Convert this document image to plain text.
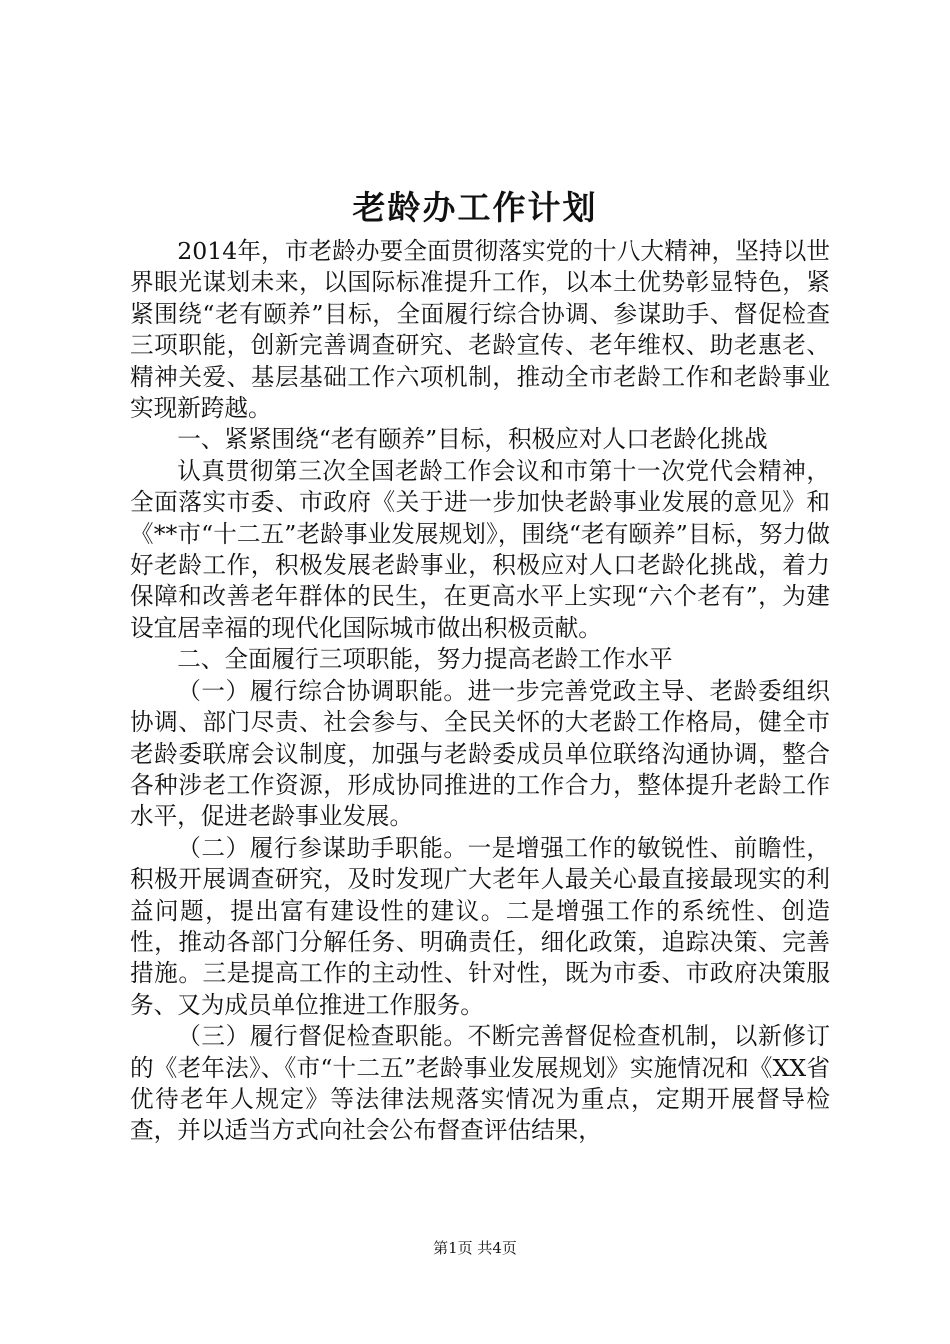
老龄办工作计划

2014年，市老龄办要全面贯彻落实党的十八大精神，坚持以世界眼光谋划未来，以国际标准提升工作，以本土优势彰显特色，紧紧围绕“老有颐养”目标，全面履行综合协调、参谋助手、督促检查三项职能，创新完善调查研究、老龄宣传、老年维权、助老惠老、精神关爱、基层基础工作六项机制，推动全市老龄工作和老龄事业实现新跨越。

一、紧紧围绕“老有颐养”目标，积极应对人口老龄化挑战

认真贯彻第三次全国老龄工作会议和市第十一次党代会精神，全面落实市委、市政府《关于进一步加快老龄事业发展的意见》和《**市“十二五”老龄事业发展规划》，围绕“老有颐养”目标，努力做好老龄工作，积极发展老龄事业，积极应对人口老龄化挑战，着力保障和改善老年群体的民生，在更高水平上实现“六个老有”，为建设宜居幸福的现代化国际城市做出积极贡献。

二、全面履行三项职能，努力提高老龄工作水平

（一）履行综合协调职能。进一步完善党政主导、老龄委组织协调、部门尽责、社会参与、全民关怀的大老龄工作格局，健全市老龄委联席会议制度，加强与老龄委成员单位联络沟通协调，整合各种涉老工作资源，形成协同推进的工作合力，整体提升老龄工作水平，促进老龄事业发展。

（二）履行参谋助手职能。一是增强工作的敏锐性、前瞻性，积极开展调查研究，及时发现广大老年人最关心最直接最现实的利益问题，提出富有建设性的建议。二是增强工作的系统性、创造性，推动各部门分解任务、明确责任，细化政策，追踪决策、完善措施。三是提高工作的主动性、针对性，既为市委、市政府决策服务、又为成员单位推进工作服务。

（三）履行督促检查职能。不断完善督促检查机制，以新修订的《老年法》、《市“十二五”老龄事业发展规划》实施情况和《XX省优待老年人规定》等法律法规落实情况为重点，定期开展督导检查，并以适当方式向社会公布督查评估结果，

第1页 共4页
